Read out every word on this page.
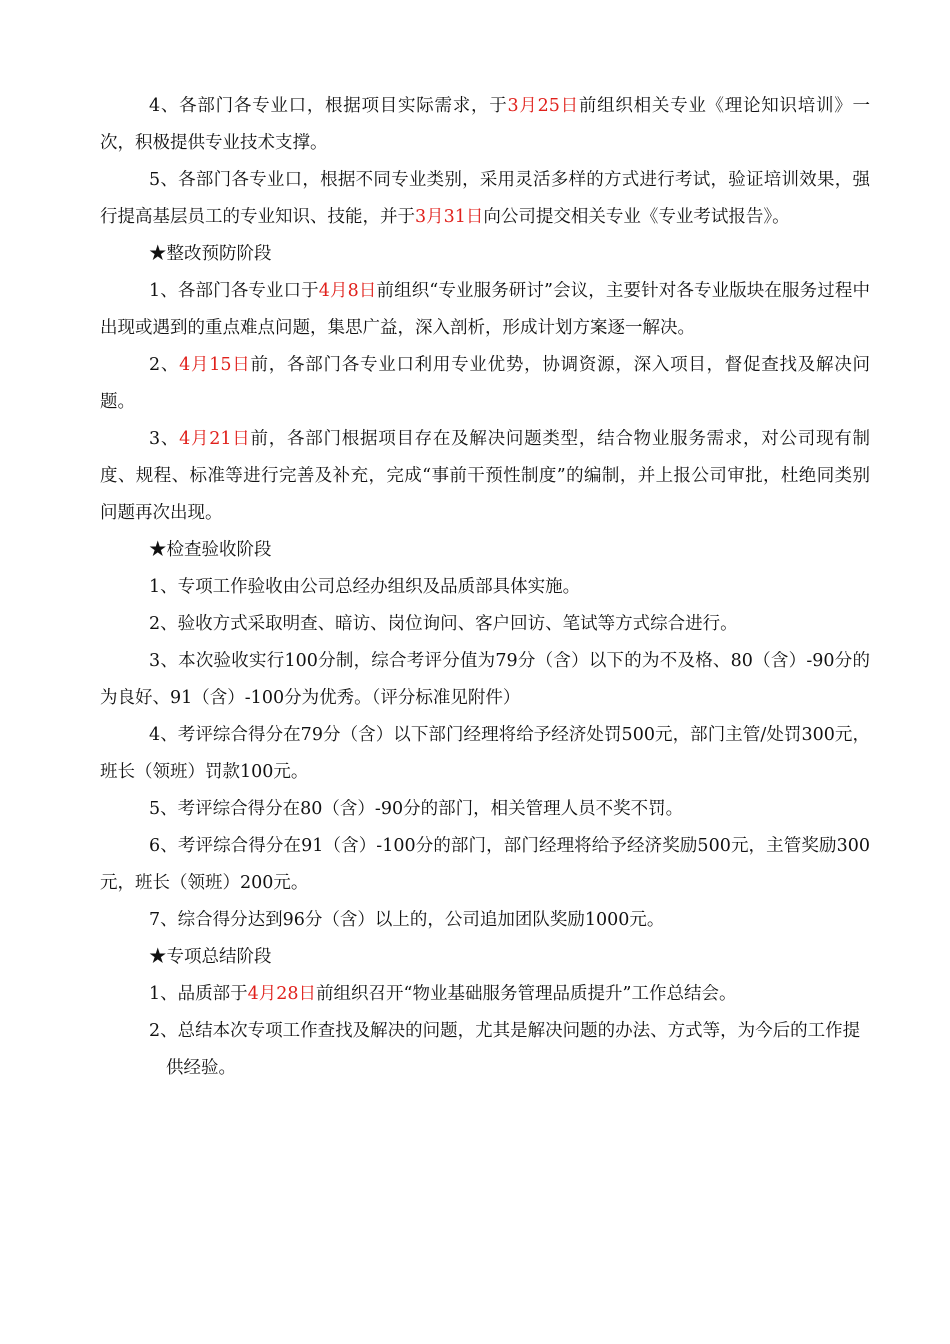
4、各部门各专业口，根据项目实际需求，于3月25日前组织相关专业《理论知识培训》一次，积极提供专业技术支撑。

5、各部门各专业口，根据不同专业类别，采用灵活多样的方式进行考试，验证培训效果，强行提高基层员工的专业知识、技能，并于3月31日向公司提交相关专业《专业考试报告》。

★整改预防阶段

1、各部门各专业口于4月8日前组织“专业服务研讨”会议，主要针对各专业版块在服务过程中出现或遇到的重点难点问题，集思广益，深入剖析，形成计划方案逐一解决。

2、4月15日前，各部门各专业口利用专业优势，协调资源，深入项目，督促查找及解决问题。

3、4月21日前，各部门根据项目存在及解决问题类型，结合物业服务需求，对公司现有制度、规程、标准等进行完善及补充，完成“事前干预性制度”的编制，并上报公司审批，杜绝同类别问题再次出现。

★检查验收阶段

1、专项工作验收由公司总经办组织及品质部具体实施。

2、验收方式采取明查、暗访、岗位询问、客户回访、笔试等方式综合进行。

3、本次验收实行100分制，综合考评分值为79分（含）以下的为不及格、80（含）-90分的为良好、91（含）-100分为优秀。（评分标准见附件）

4、考评综合得分在79分（含）以下部门经理将给予经济处罚500元，部门主管/处罚300元，班长（领班）罚款100元。

5、考评综合得分在80（含）-90分的部门，相关管理人员不奖不罚。

6、考评综合得分在91（含）-100分的部门，部门经理将给予经济奖励500元，主管奖励300元，班长（领班）200元。

7、综合得分达到96分（含）以上的，公司追加团队奖励1000元。

★专项总结阶段

1、品质部于4月28日前组织召开“物业基础服务管理品质提升”工作总结会。

2、总结本次专项工作查找及解决的问题，尤其是解决问题的办法、方式等，为今后的工作提供经验。
